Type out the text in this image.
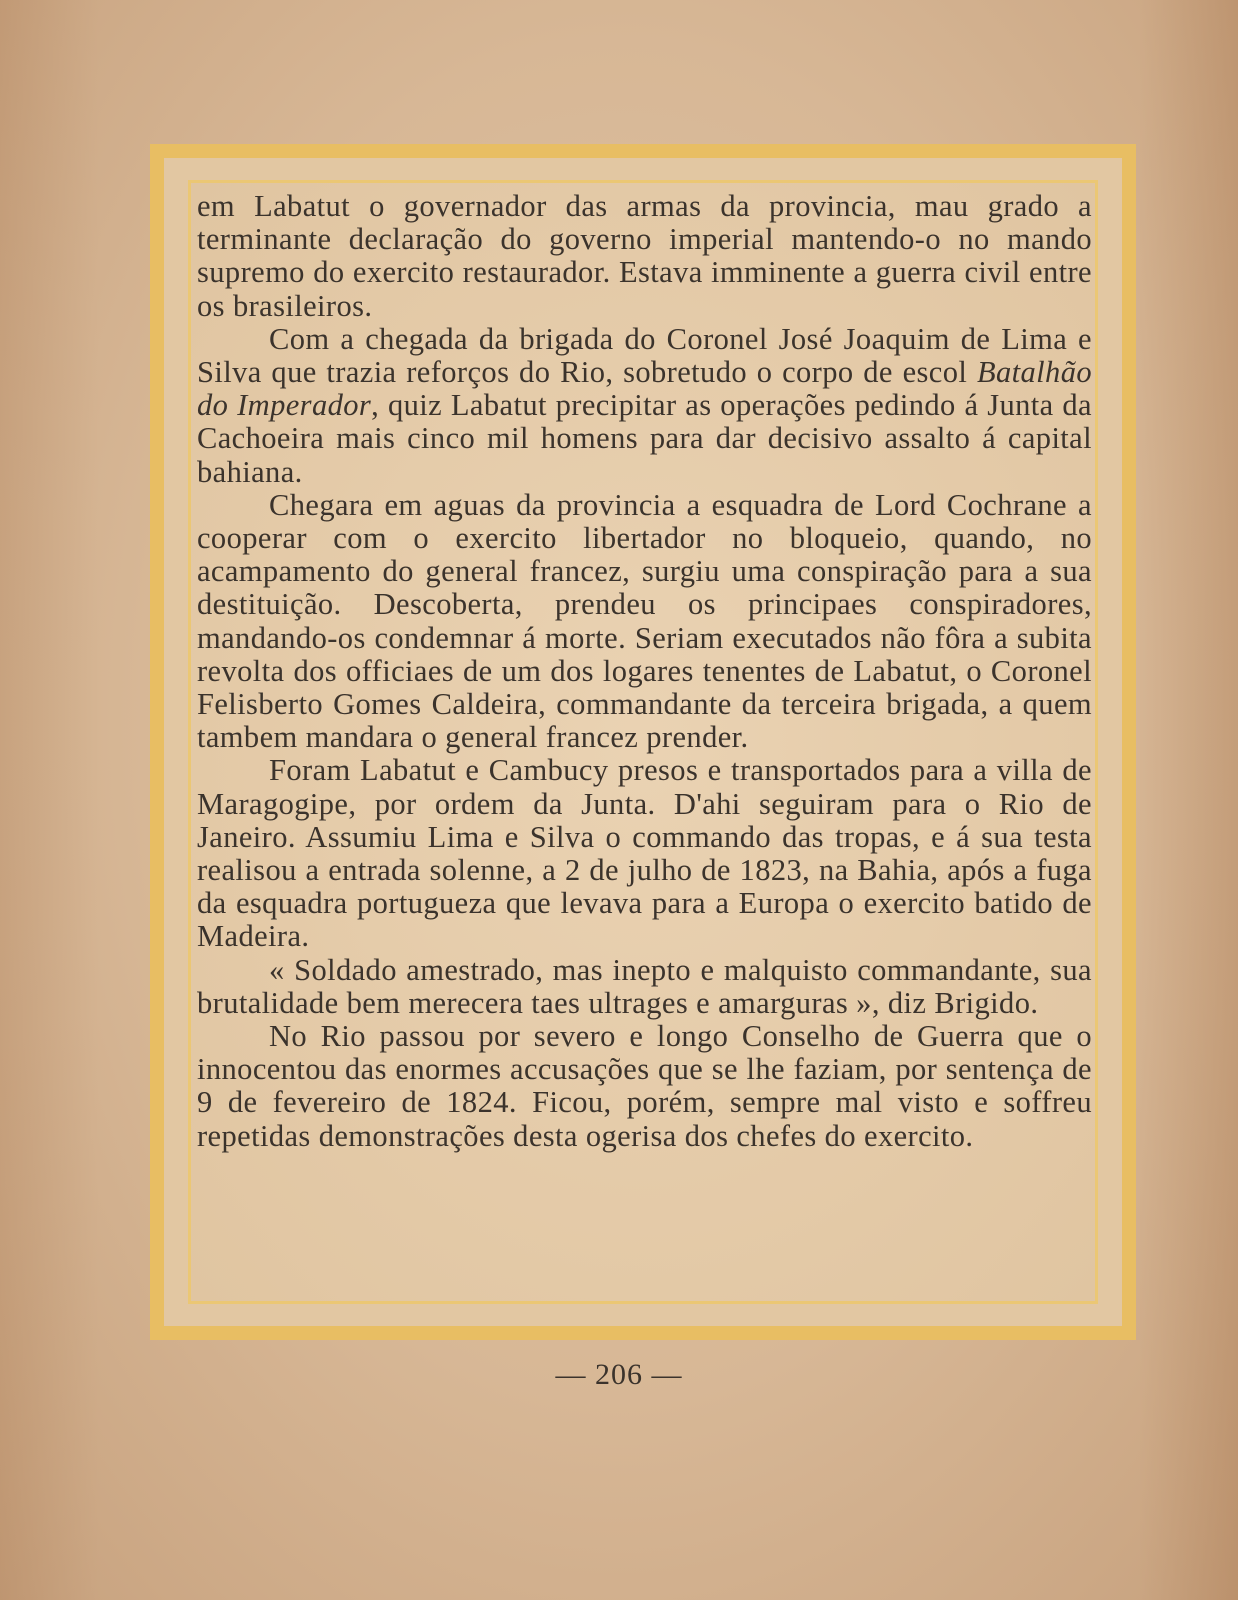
em Labatut o governador das armas da provincia, mau grado a terminante declaração do governo imperial mantendo-o no mando supremo do exercito restaurador. Estava imminente a guerra civil entre os brasileiros.

Com a chegada da brigada do Coronel José Joaquim de Lima e Silva que trazia reforços do Rio, sobretudo o corpo de escol Batalhão do Imperador, quiz Labatut precipitar as operações pedindo á Junta da Cachoeira mais cinco mil homens para dar decisivo assalto á capital bahiana.

Chegara em aguas da provincia a esquadra de Lord Cochrane a cooperar com o exercito libertador no bloqueio, quando, no acampamento do general francez, surgiu uma conspiração para a sua destituição. Descoberta, prendeu os principaes conspiradores, mandando-os condemnar á morte. Seriam executados não fôra a subita revolta dos officiaes de um dos logares tenentes de Labatut, o Coronel Felisberto Gomes Caldeira, commandante da terceira brigada, a quem tambem mandara o general francez prender.

Foram Labatut e Cambucy presos e transportados para a villa de Maragogipe, por ordem da Junta. D'ahi seguiram para o Rio de Janeiro. Assumiu Lima e Silva o commando das tropas, e á sua testa realisou a entrada solenne, a 2 de julho de 1823, na Bahia, após a fuga da esquadra portugueza que levava para a Europa o exercito batido de Madeira.

« Soldado amestrado, mas inepto e malquisto commandante, sua brutalidade bem merecera taes ultrages e amarguras », diz Brigido.

No Rio passou por severo e longo Conselho de Guerra que o innocentou das enormes accusações que se lhe faziam, por sentença de 9 de fevereiro de 1824. Ficou, porém, sempre mal visto e soffreu repetidas demonstrações desta ogerisa dos chefes do exercito.

— 206 —
